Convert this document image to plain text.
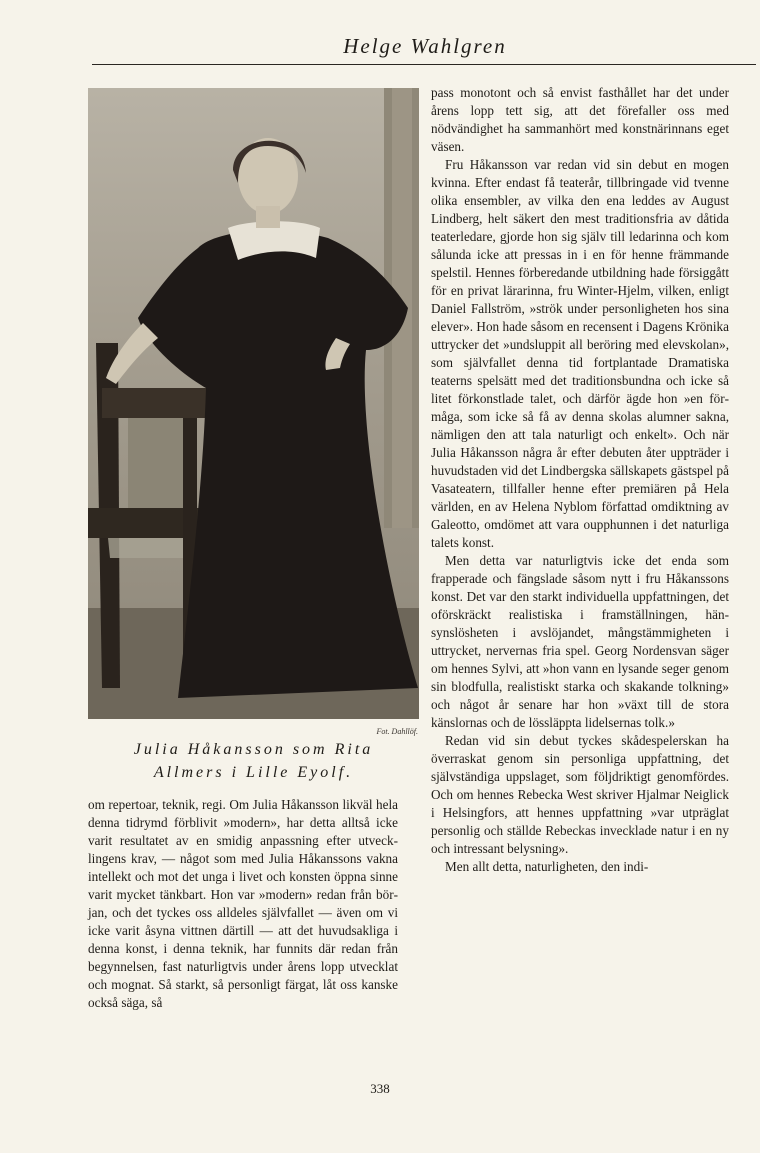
Helge Wahlgren
Fot. Dahllöf.
Julia Håkansson som Rita
Allmers i Lille Eyolf.

om repertoar, teknik, regi. Om Julia Håkansson likväl hela denna tidrymd förblivit »modern», har detta alltså icke varit resultatet av en smidig anpassning efter utvecklingens krav, — något som med Julia Håkanssons vakna intellekt och mot det unga i livet och konsten öppna sinne varit mycket tänkbart. Hon var »modern» redan från början, och det tyckes oss alldeles självfallet — även om vi icke varit åsyna vittnen därtill — att det huvudsakliga i denna konst, i denna teknik, har funnits där redan från begynnelsen, fast naturligtvis under årens lopp utvecklat och mognat. Så starkt, så personligt färgat, låt oss kanske också säga, så

pass monotont och så envist fasthållet har det under årens lopp tett sig, att det förefaller oss med nödvändighet ha sammanhört med konstnärinnans eget väsen.

Fru Håkansson var redan vid sin debut en mogen kvinna. Efter endast få teaterår, tillbringade vid tvenne olika ensembler, av vilka den ena leddes av August Lindberg, helt säkert den mest traditionsfria av dåtida teaterledare, gjorde hon sig själv till ledarinna och kom sålunda icke att pressas in i en för henne främmande spelstil. Hennes förberedande utbildning hade försiggått för en privat lärarinna, fru Winter-Hjelm, vilken, enligt Daniel Fallström, »strök under personligheten hos sina elever». Hon hade såsom en recensent i Dagens Krönika uttrycker det »undsluppit all beröring med elevskolan», som självfallet denna tid fortplantade Dramatiska teaterns spelsätt med det traditionsbundna och icke så litet förkonstlade talet, och därför ägde hon »en förmåga, som icke så få av denna skolas alumner sakna, nämligen den att tala naturligt och enkelt». Och när Julia Håkansson några år efter debuten åter uppträder i huvudstaden vid det Lindbergska sällskapets gästspel på Vasateatern, tillfaller henne efter premiären på Hela världen, en av Helena Nyblom författad omdiktning av Galeotto, omdömet att vara oupphunnen i det naturliga talets konst.

Men detta var naturligtvis icke det enda som frapperade och fängslade såsom nytt i fru Håkanssons konst. Det var den starkt individuella uppfattningen, det oförskräckt realistiska i framställningen, hänsynslösheten i avslöjandet, mångstämmigheten i uttrycket, nervernas fria spel. Georg Nordensvan säger om hennes Sylvi, att »hon vann en lysande seger genom sin blodfulla, realistiskt starka och skakande tolkning» och något år senare har hon »växt till de stora känslornas och de lössläppta lidelsernas tolk.»

Redan vid sin debut tyckes skådespelerskan ha överraskat genom sin personliga uppfattning, det självständiga uppslaget, som följdriktigt genomfördes. Och om hennes Rebecka West skriver Hjalmar Neiglick i Helsingfors, att hennes uppfattning »var utpräglat personlig och ställde Rebeckas invecklade natur i en ny och intressant belysning».

Men allt detta, naturligheten, den indi-

338
